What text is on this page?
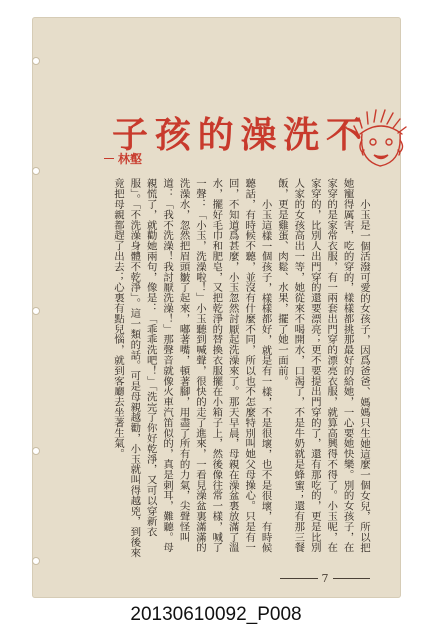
不
洗
澡
的
孩
子
林壑

小玉是一個活潑可愛的女孩子，因爲爸爸、媽媽只生她這麼一個女兒，所以把她寵得厲害，吃的穿的，樣樣都挑那最好的給她，一心要她快樂。別的女孩子，在家穿的是家常衣服，有一兩套出門穿的漂亮衣服，就算高興得不得了。小玉呢，在家穿的，比別人出門穿的還要漂亮；更不要提出門穿的了，還有那吃的，更是比別人家的女孩高出一等，她從來不喝開水，口渴了，不是牛奶就是蜂蜜；還有那三餐飯，更是雞蛋、肉鬆、水果，擺了她一面前。

小玉這樣一個孩子，樣樣都好，就是有一樣，不是很壞，也不是很壞，有時候聽話，有時候不聽，並沒有什麼不同，所以也不怎麼特別叫她父母操心。只是有一回，不知道爲甚麼，小玉忽然討厭起洗澡來了。那天早晨，母親在澡盆裏放滿了溫水，擺好毛巾和肥皂，又把乾淨的替換衣服擺在小箱子上，然後像往常一樣，喊了一聲：「小玉，洗澡啦！」小玉聽到喊聲，很快的走了進來，一看見澡盆裏滿滿的洗澡水，忽然把眉頭皺了起來，嘟著嘴，頓著腳，用盡了所有的力氣，尖聲怪叫道：「我不洗澡！我討厭洗澡！」那聲音就像火車汽笛似的，真是刺耳，難聽。母親慌了，就勸她兩句，像是：「乖乖洗吧！」「洗完了你好乾淨，又可以穿新衣服」。「不洗澡身體不乾淨」。這一類的話。可是母親越勸，小玉就叫得越兇，到後來竟把母親都趕了出去；心裏有點兒惱，就到客廳去坐著生氣。

7
20130610092_P008
